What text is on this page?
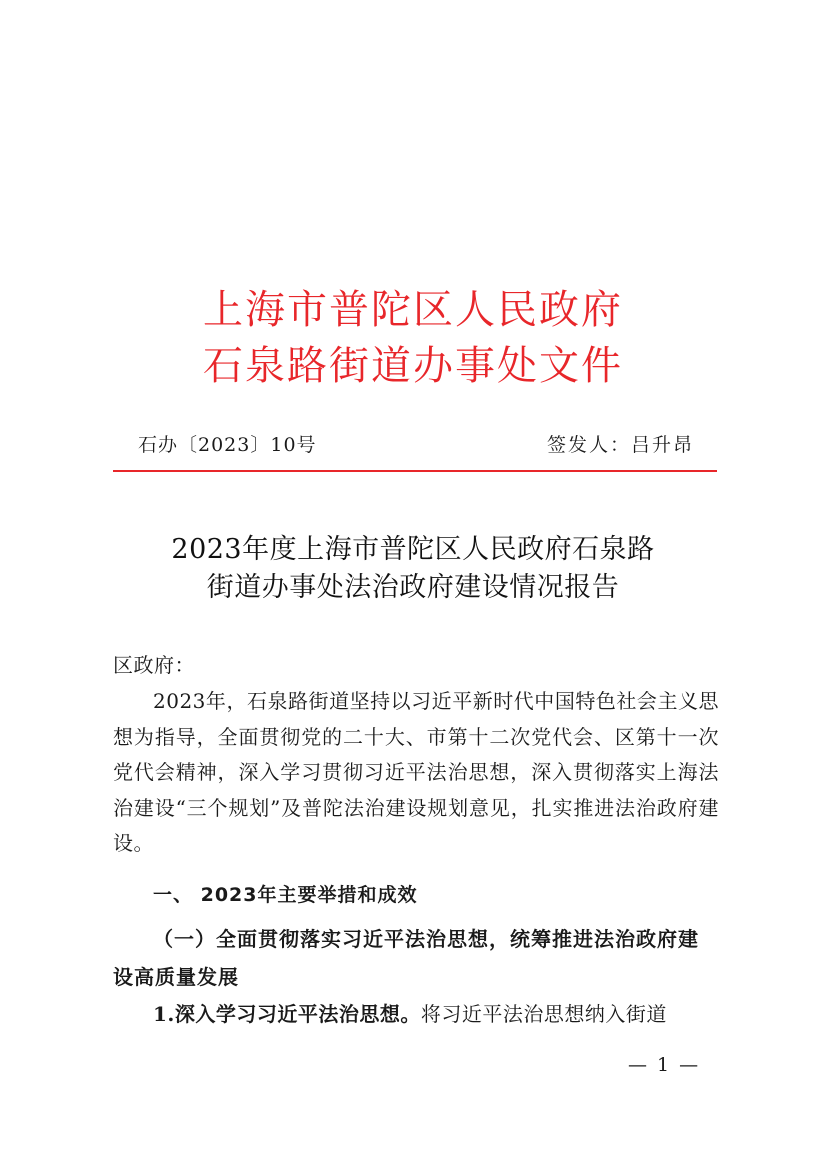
上海市普陀区人民政府
石泉路街道办事处文件
石办〔2023〕10号	签发人：吕升昂
2023年度上海市普陀区人民政府石泉路
街道办事处法治政府建设情况报告
区政府：
2023年，石泉路街道坚持以习近平新时代中国特色社会主义思想为指导，全面贯彻党的二十大、市第十二次党代会、区第十一次党代会精神，深入学习贯彻习近平法治思想，深入贯彻落实上海法治建设“三个规划”及普陀法治建设规划意见，扎实推进法治政府建设。
一、 2023年主要举措和成效
（一）全面贯彻落实习近平法治思想，统筹推进法治政府建设高质量发展
1.深入学习习近平法治思想。将习近平法治思想纳入街道
— 1 —
